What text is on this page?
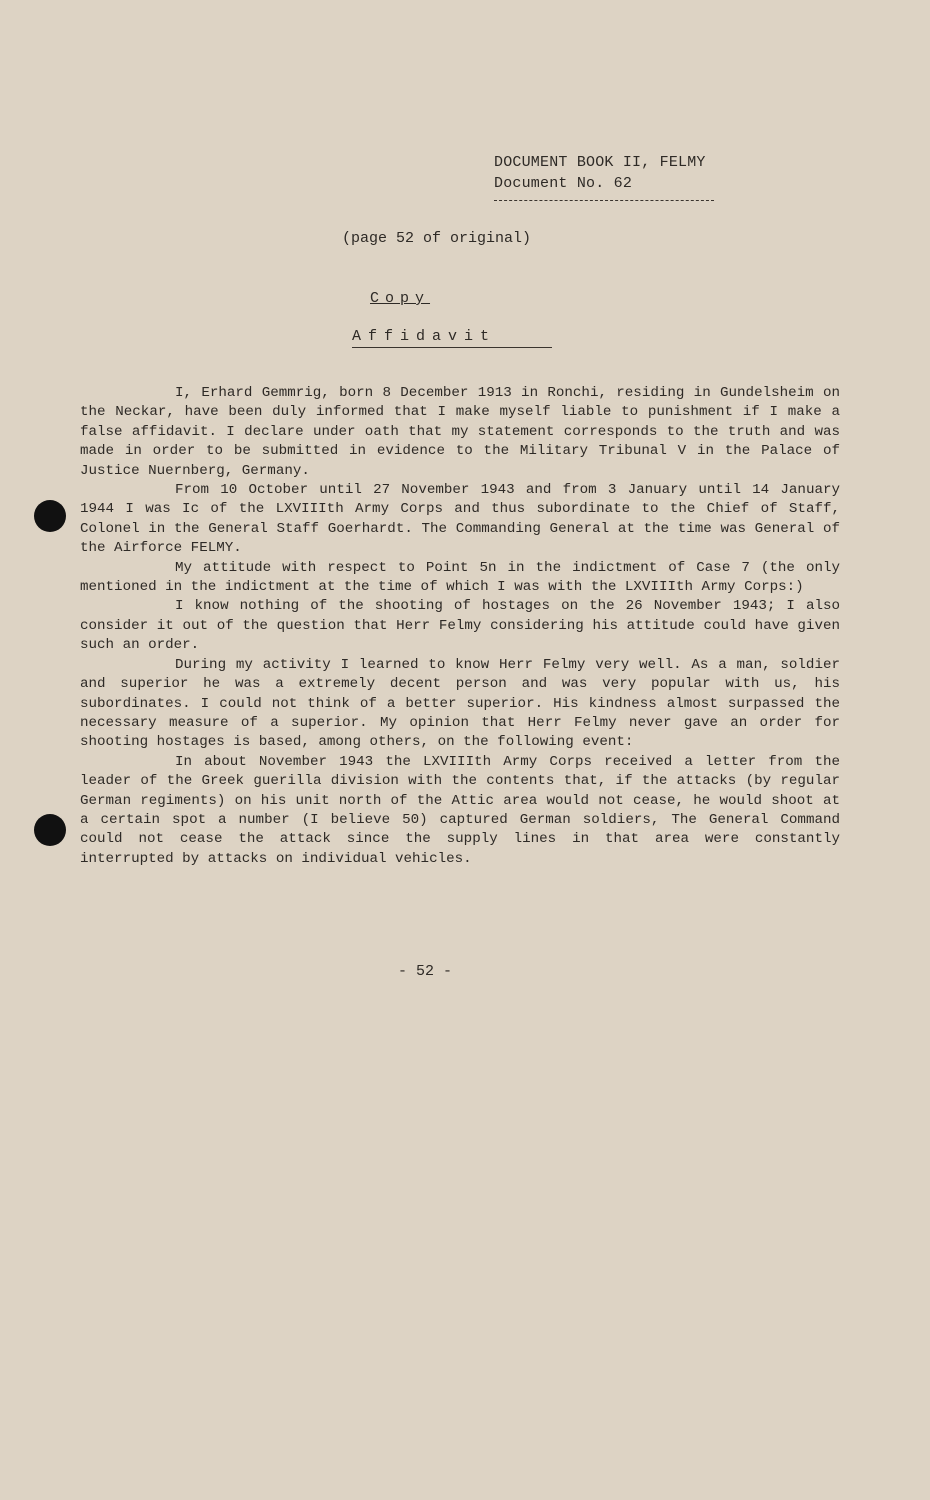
DOCUMENT BOOK II, FELMY
Document No. 62
(page 52 of original)
Copy
Affidavit

I, Erhard Gemmrig, born 8 December 1913 in Ronchi, residing in Gundelsheim on the Neckar, have been duly informed that I make myself liable to punishment if I make a false affidavit. I declare under oath that my statement corresponds to the truth and was made in order to be submitted in evidence to the Military Tribunal V in the Palace of Justice Nuernberg, Germany.

From 10 October until 27 November 1943 and from 3 January until 14 January 1944 I was Ic of the LXVIIIth Army Corps and thus subordinate to the Chief of Staff, Colonel in the General Staff Goerhardt. The Commanding General at the time was General of the Airforce FELMY.

My attitude with respect to Point 5n in the indictment of Case 7 (the only mentioned in the indictment at the time of which I was with the LXVIIIth Army Corps:)

I know nothing of the shooting of hostages on the 26 November 1943; I also consider it out of the question that Herr Felmy considering his attitude could have given such an order.

During my activity I learned to know Herr Felmy very well. As a man, soldier and superior he was a extremely decent person and was very popular with us, his subordinates. I could not think of a better superior. His kindness almost surpassed the necessary measure of a superior. My opinion that Herr Felmy never gave an order for shooting hostages is based, among others, on the following event:

In about November 1943 the LXVIIIth Army Corps received a letter from the leader of the Greek guerilla division with the contents that, if the attacks (by regular German regiments) on his unit north of the Attic area would not cease, he would shoot at a certain spot a number (I believe 50) captured German soldiers, The General Command could not cease the attack since the supply lines in that area were constantly interrupted by attacks on individual vehicles.

- 52 -
